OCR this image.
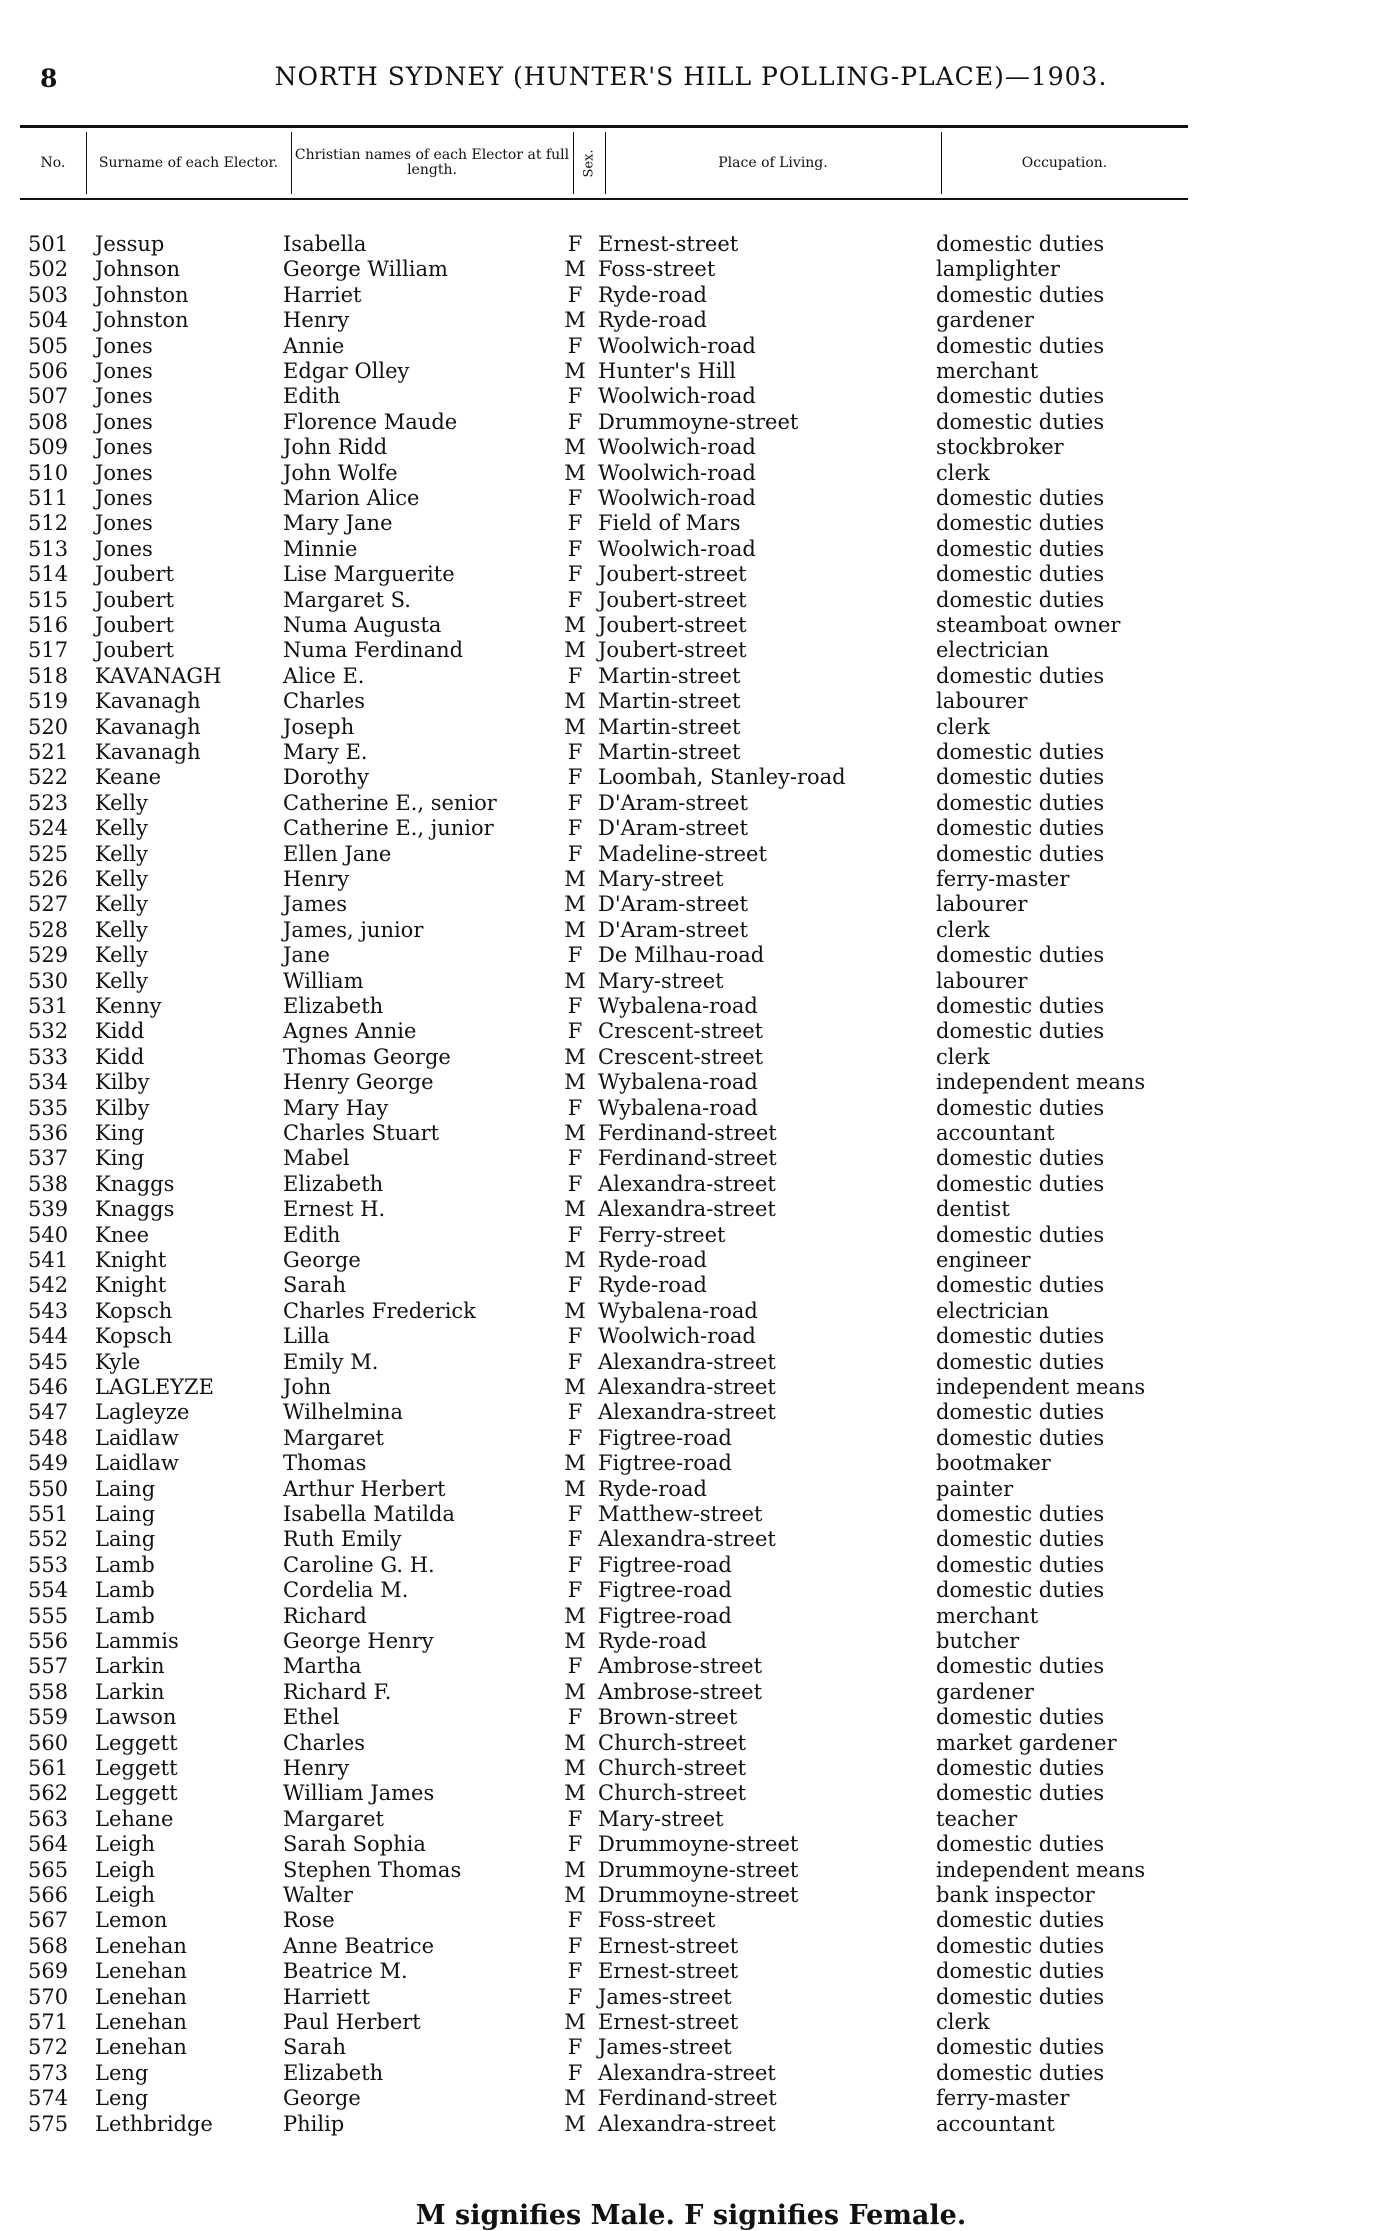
8	NORTH SYDNEY (HUNTER'S HILL POLLING-PLACE)—1903.
No.	Surname of each Elector.	Christian names of each Elector at full length.	Sex.	Place of Living.	Occupation.
501	Jessup	Isabella	F Ernest-street	domestic duties
502	Johnson	George William	M Foss-street	lamplighter
503	Johnston	Harriet	F Ryde-road	domestic duties
504	Johnston	Henry	M Ryde-road	gardener
505	Jones	Annie	F Woolwich-road	domestic duties
506	Jones	Edgar Olley	M Hunter's Hill	merchant
507	Jones	Edith	F Woolwich-road	domestic duties
508	Jones	Florence Maude	F Drummoyne-street	domestic duties
509	Jones	John Ridd	M Woolwich-road	stockbroker
510	Jones	John Wolfe	M Woolwich-road	clerk
511	Jones	Marion Alice	F Woolwich-road	domestic duties
512	Jones	Mary Jane	F Field of Mars	domestic duties
513	Jones	Minnie	F Woolwich-road	domestic duties
514	Joubert	Lise Marguerite	F Joubert-street	domestic duties
515	Joubert	Margaret S.	F Joubert-street	domestic duties
516	Joubert	Numa Augusta	M Joubert-street	steamboat owner
517	Joubert	Numa Ferdinand	M Joubert-street	electrician
518	KAVANAGH	Alice E.	F Martin-street	domestic duties
519	Kavanagh	Charles	M Martin-street	labourer
520	Kavanagh	Joseph	M Martin-street	clerk
521	Kavanagh	Mary E.	F Martin-street	domestic duties
522	Keane	Dorothy	F Loombah, Stanley-road	domestic duties
523	Kelly	Catherine E., senior	F D'Aram-street	domestic duties
524	Kelly	Catherine E., junior	F D'Aram-street	domestic duties
525	Kelly	Ellen Jane	F Madeline-street	domestic duties
526	Kelly	Henry	M Mary-street	ferry-master
527	Kelly	James	M D'Aram-street	labourer
528	Kelly	James, junior	M D'Aram-street	clerk
529	Kelly	Jane	F De Milhau-road	domestic duties
530	Kelly	William	M Mary-street	labourer
531	Kenny	Elizabeth	F Wybalena-road	domestic duties
532	Kidd	Agnes Annie	F Crescent-street	domestic duties
533	Kidd	Thomas George	M Crescent-street	clerk
534	Kilby	Henry George	M Wybalena-road	independent means
535	Kilby	Mary Hay	F Wybalena-road	domestic duties
536	King	Charles Stuart	M Ferdinand-street	accountant
537	King	Mabel	F Ferdinand-street	domestic duties
538	Knaggs	Elizabeth	F Alexandra-street	domestic duties
539	Knaggs	Ernest H.	M Alexandra-street	dentist
540	Knee	Edith	F Ferry-street	domestic duties
541	Knight	George	M Ryde-road	engineer
542	Knight	Sarah	F Ryde-road	domestic duties
543	Kopsch	Charles Frederick	M Wybalena-road	electrician
544	Kopsch	Lilla	F Woolwich-road	domestic duties
545	Kyle	Emily M.	F Alexandra-street	domestic duties
546	LAGLEYZE	John	M Alexandra-street	independent means
547	Lagleyze	Wilhelmina	F Alexandra-street	domestic duties
548	Laidlaw	Margaret	F Figtree-road	domestic duties
549	Laidlaw	Thomas	M Figtree-road	bootmaker
550	Laing	Arthur Herbert	M Ryde-road	painter
551	Laing	Isabella Matilda	F Matthew-street	domestic duties
552	Laing	Ruth Emily	F Alexandra-street	domestic duties
553	Lamb	Caroline G. H.	F Figtree-road	domestic duties
554	Lamb	Cordelia M.	F Figtree-road	domestic duties
555	Lamb	Richard	M Figtree-road	merchant
556	Lammis	George Henry	M Ryde-road	butcher
557	Larkin	Martha	F Ambrose-street	domestic duties
558	Larkin	Richard F.	M Ambrose-street	gardener
559	Lawson	Ethel	F Brown-street	domestic duties
560	Leggett	Charles	M Church-street	market gardener
561	Leggett	Henry	M Church-street	domestic duties
562	Leggett	William James	M Church-street	domestic duties
563	Lehane	Margaret	F Mary-street	teacher
564	Leigh	Sarah Sophia	F Drummoyne-street	domestic duties
565	Leigh	Stephen Thomas	M Drummoyne-street	independent means
566	Leigh	Walter	M Drummoyne-street	bank inspector
567	Lemon	Rose	F Foss-street	domestic duties
568	Lenehan	Anne Beatrice	F Ernest-street	domestic duties
569	Lenehan	Beatrice M.	F Ernest-street	domestic duties
570	Lenehan	Harriett	F James-street	domestic duties
571	Lenehan	Paul Herbert	M Ernest-street	clerk
572	Lenehan	Sarah	F James-street	domestic duties
573	Leng	Elizabeth	F Alexandra-street	domestic duties
574	Leng	George	M Ferdinand-street	ferry-master
575	Lethbridge	Philip	M Alexandra-street	accountant
M signifies Male. F signifies Female.
